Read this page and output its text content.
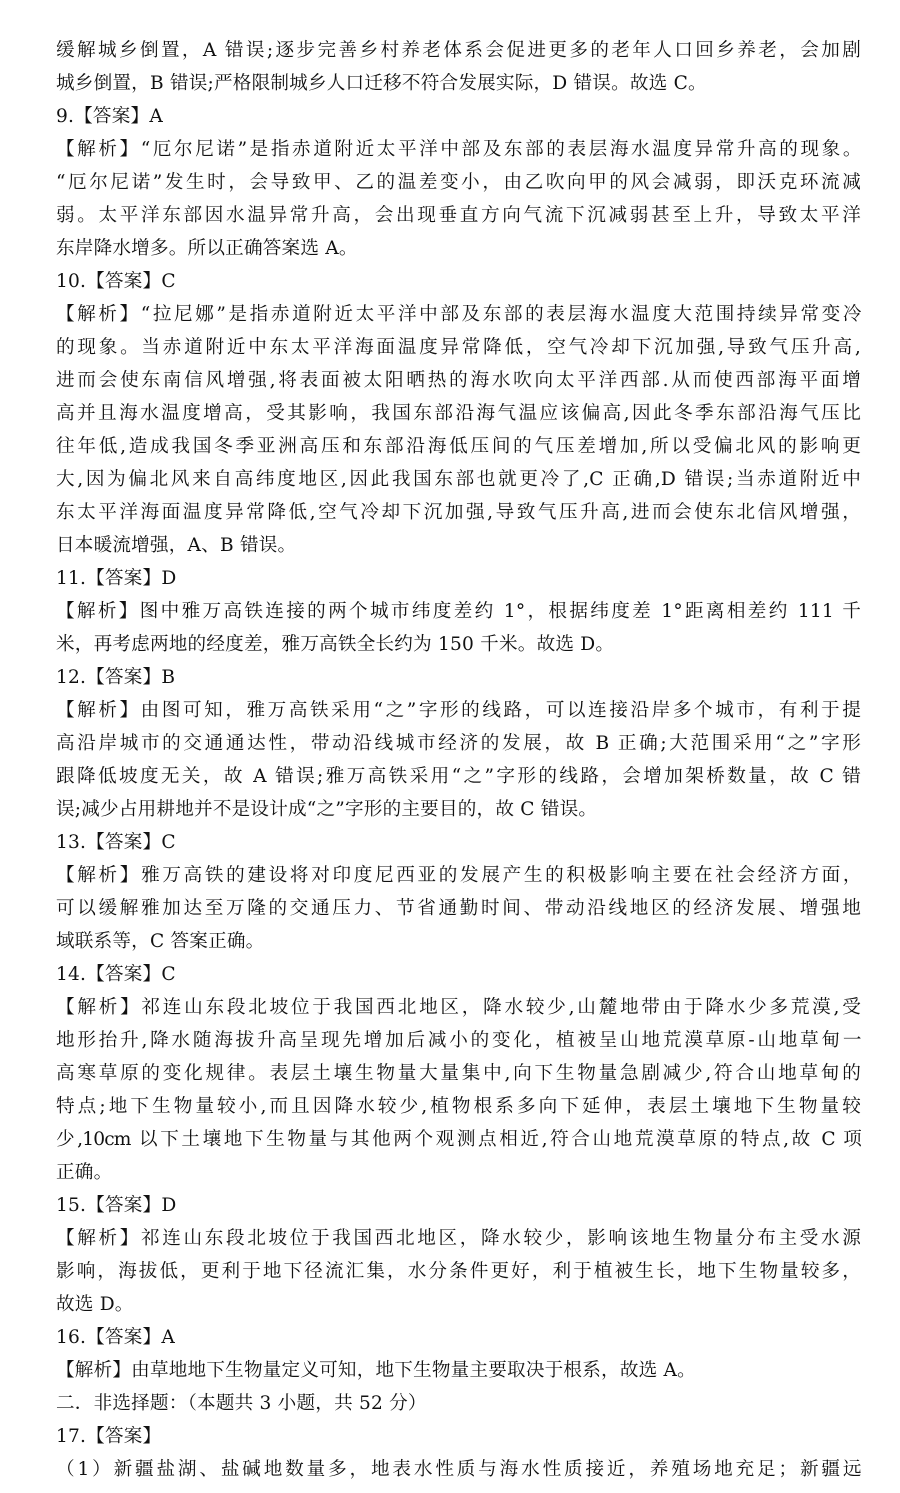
缓解城乡倒置，A 错误;逐步完善乡村养老体系会促进更多的老年人口回乡养老，会加剧
城乡倒置，B 错误;严格限制城乡人口迁移不符合发展实际，D 错误。故选 C。
9.【答案】A
【解析】“厄尔尼诺”是指赤道附近太平洋中部及东部的表层海水温度异常升高的现象。
“厄尔尼诺”发生时，会导致甲、乙的温差变小，由乙吹向甲的风会减弱，即沃克环流减
弱。太平洋东部因水温异常升高，会出现垂直方向气流下沉减弱甚至上升，导致太平洋
东岸降水增多。所以正确答案选 A。
10.【答案】C
【解析】“拉尼娜”是指赤道附近太平洋中部及东部的表层海水温度大范围持续异常变冷
的现象。当赤道附近中东太平洋海面温度异常降低，空气冷却下沉加强,导致气压升高,
进而会使东南信风增强,将表面被太阳晒热的海水吹向太平洋西部.从而使西部海平面增
高并且海水温度增高，受其影响，我国东部沿海气温应该偏高,因此冬季东部沿海气压比
往年低,造成我国冬季亚洲高压和东部沿海低压间的气压差增加,所以受偏北风的影响更
大,因为偏北风来自高纬度地区,因此我国东部也就更冷了,C 正确,D 错误;当赤道附近中
东太平洋海面温度异常降低,空气冷却下沉加强,导致气压升高,进而会使东北信风增强，
日本暖流增强，A、B 错误。
11.【答案】D
【解析】图中雅万高铁连接的两个城市纬度差约 1°，根据纬度差 1°距离相差约 111 千
米，再考虑两地的经度差，雅万高铁全长约为 150 千米。故选 D。
12.【答案】B
【解析】由图可知，雅万高铁采用“之”字形的线路，可以连接沿岸多个城市，有利于提
高沿岸城市的交通通达性，带动沿线城市经济的发展，故 B 正确;大范围采用“之”字形
跟降低坡度无关，故 A 错误;雅万高铁采用“之”字形的线路，会增加架桥数量，故 C 错
误;减少占用耕地并不是设计成“之”字形的主要目的，故 C 错误。
13.【答案】C
【解析】雅万高铁的建设将对印度尼西亚的发展产生的积极影响主要在社会经济方面，
可以缓解雅加达至万隆的交通压力、节省通勤时间、带动沿线地区的经济发展、增强地
域联系等，C 答案正确。
14.【答案】C
【解析】祁连山东段北坡位于我国西北地区，降水较少,山麓地带由于降水少多荒漠,受
地形抬升,降水随海拔升高呈现先增加后减小的变化，植被呈山地荒漠草原-山地草甸一
高寒草原的变化规律。表层土壤生物量大量集中,向下生物量急剧减少,符合山地草甸的
特点;地下生物量较小,而且因降水较少,植物根系多向下延伸，表层土壤地下生物量较
少,10cm 以下土壤地下生物量与其他两个观测点相近,符合山地荒漠草原的特点,故 C 项
正确。
15.【答案】D
【解析】祁连山东段北坡位于我国西北地区，降水较少，影响该地生物量分布主受水源
影响，海拔低，更利于地下径流汇集，水分条件更好，利于植被生长，地下生物量较多，
故选 D。
16.【答案】A
【解析】由草地地下生物量定义可知，地下生物量主要取决于根系，故选 A。
二．非选择题：（本题共 3 小题，共 52 分）
17.【答案】
（1）新疆盐湖、盐碱地数量多，地表水性质与海水性质接近，养殖场地充足；新疆远
